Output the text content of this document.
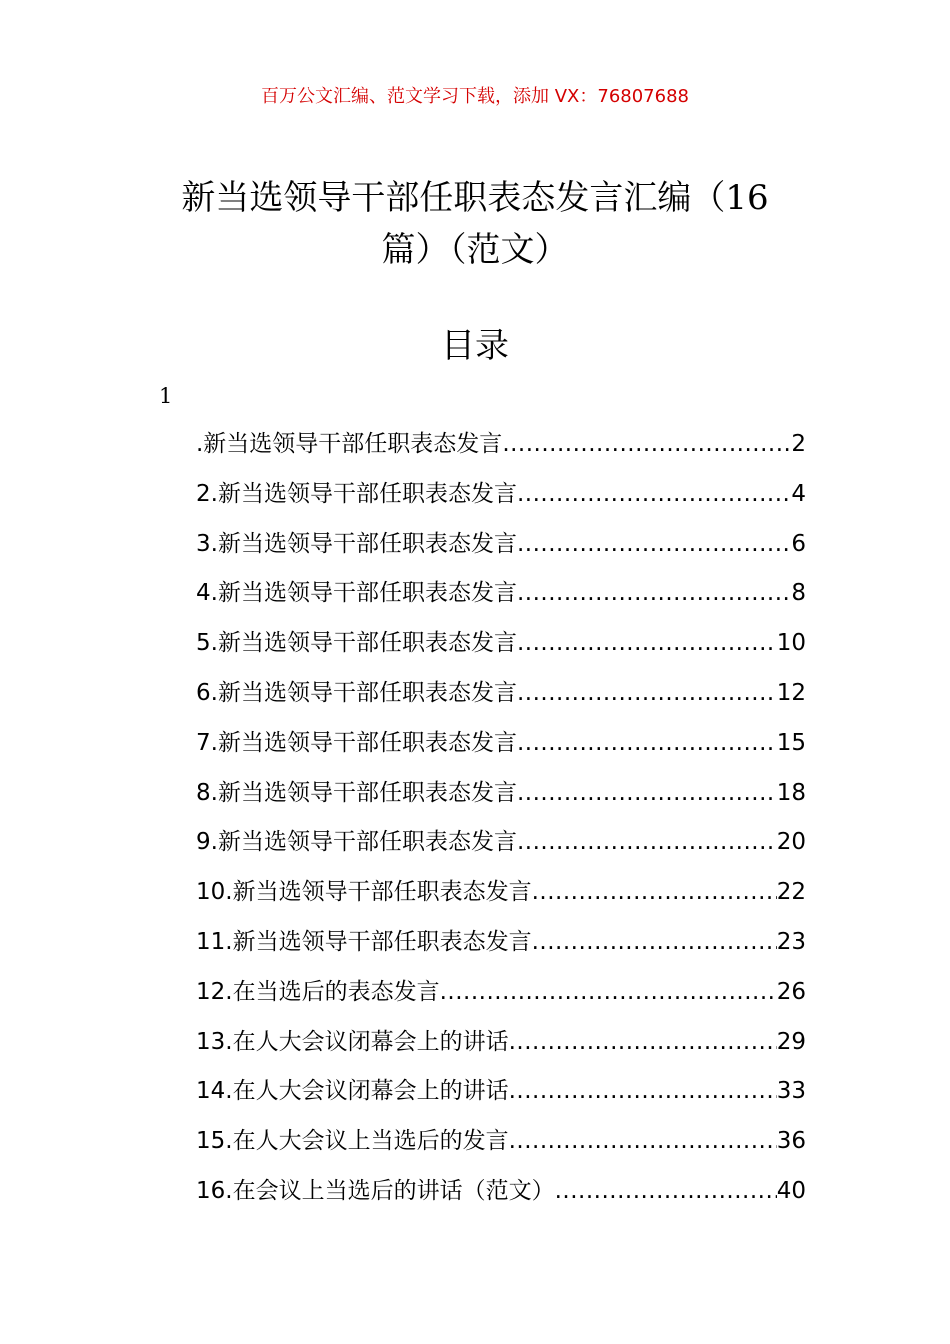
百万公文汇编、范文学习下载，添加 VX：76807688
新当选领导干部任职表态发言汇编（16
篇）（范文）
目录
1
.新当选领导干部任职表态发言 .....	2
2.新当选领导干部任职表态发言 .....	4
3.新当选领导干部任职表态发言 .....	6
4.新当选领导干部任职表态发言 .....	8
5.新当选领导干部任职表态发言 .....	10
6.新当选领导干部任职表态发言 .....	12
7.新当选领导干部任职表态发言 .....	15
8.新当选领导干部任职表态发言 .....	18
9.新当选领导干部任职表态发言 .....	20
10.新当选领导干部任职表态发言 .....	22
11.新当选领导干部任职表态发言 .....	23
12.在当选后的表态发言 .....	26
13.在人大会议闭幕会上的讲话 .....	29
14.在人大会议闭幕会上的讲话 .....	33
15.在人大会议上当选后的发言 .....	36
16.在会议上当选后的讲话（范文） .....	40
